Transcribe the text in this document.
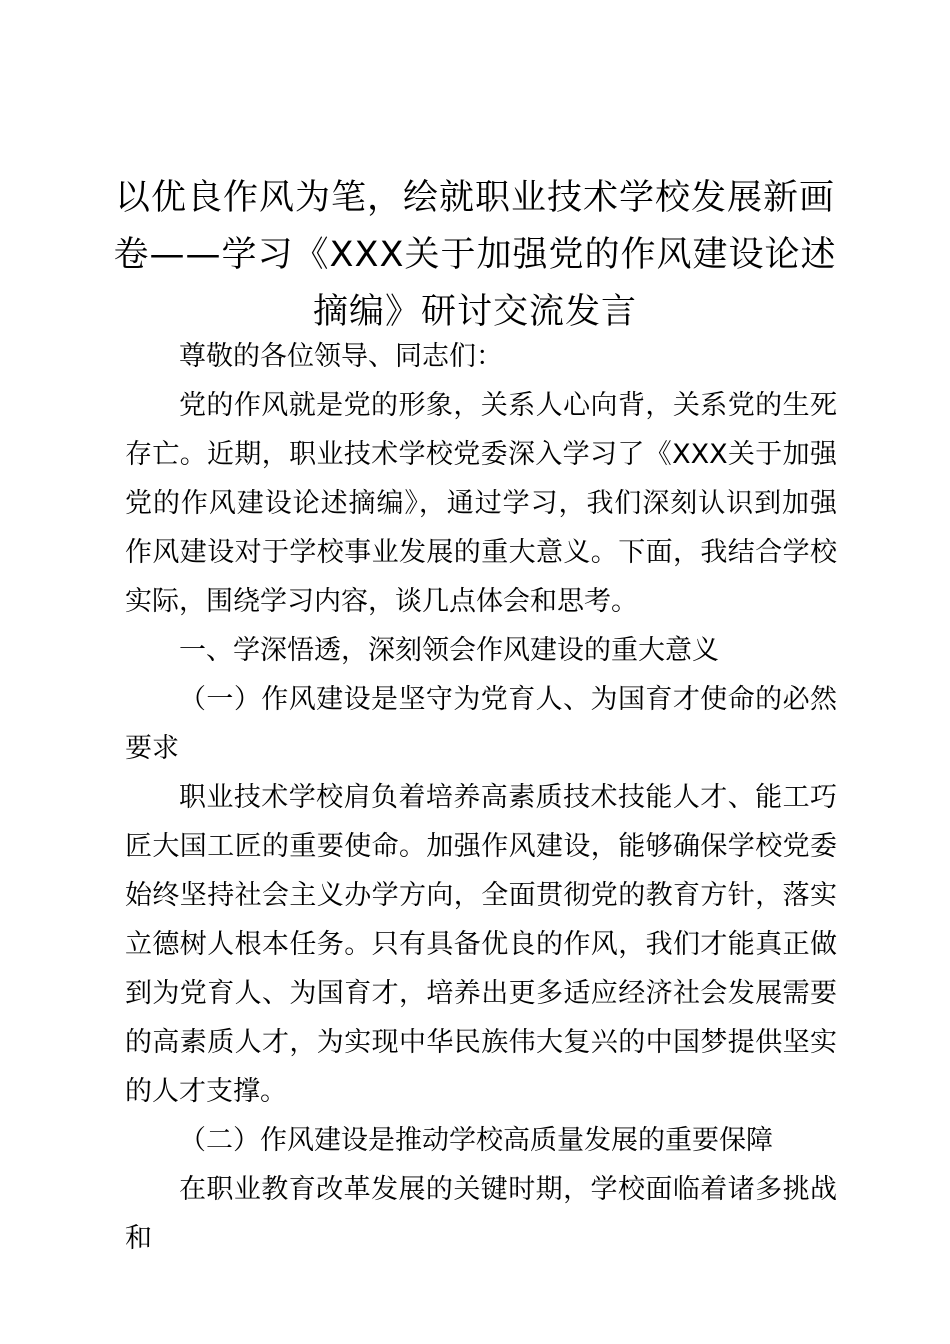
以优良作风为笔，绘就职业技术学校发展新画卷——学习《XXX关于加强党的作风建设论述摘编》研讨交流发言

尊敬的各位领导、同志们：

党的作风就是党的形象，关系人心向背，关系党的生死存亡。近期，职业技术学校党委深入学习了《XXX关于加强党的作风建设论述摘编》，通过学习，我们深刻认识到加强作风建设对于学校事业发展的重大意义。下面，我结合学校实际，围绕学习内容，谈几点体会和思考。

一、学深悟透，深刻领会作风建设的重大意义

（一）作风建设是坚守为党育人、为国育才使命的必然要求

职业技术学校肩负着培养高素质技术技能人才、能工巧匠大国工匠的重要使命。加强作风建设，能够确保学校党委始终坚持社会主义办学方向，全面贯彻党的教育方针，落实立德树人根本任务。只有具备优良的作风，我们才能真正做到为党育人、为国育才，培养出更多适应经济社会发展需要的高素质人才，为实现中华民族伟大复兴的中国梦提供坚实的人才支撑。

（二）作风建设是推动学校高质量发展的重要保障

在职业教育改革发展的关键时期，学校面临着诸多挑战和
